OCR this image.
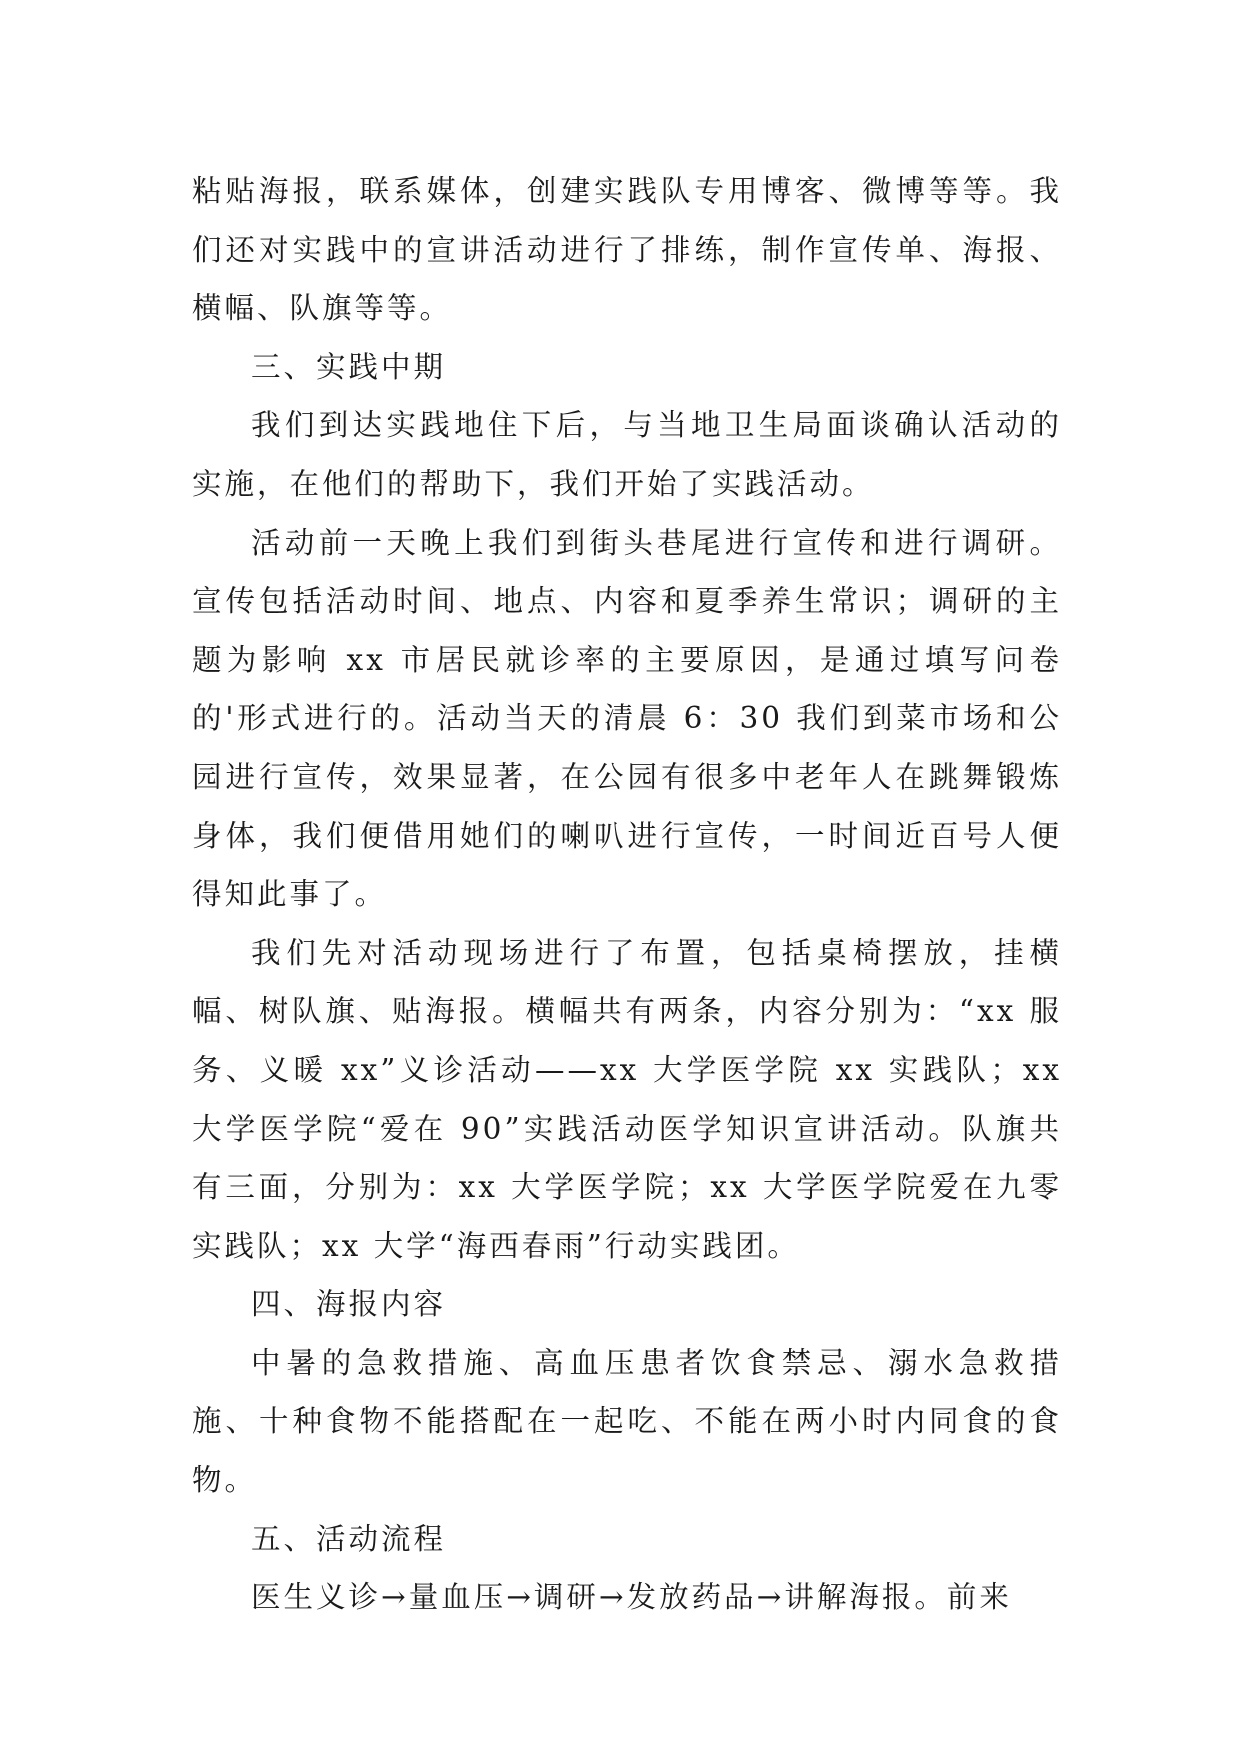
粘贴海报，联系媒体，创建实践队专用博客、微博等等。我们还对实践中的宣讲活动进行了排练，制作宣传单、海报、横幅、队旗等等。

三、实践中期

我们到达实践地住下后，与当地卫生局面谈确认活动的实施，在他们的帮助下，我们开始了实践活动。

活动前一天晚上我们到街头巷尾进行宣传和进行调研。宣传包括活动时间、地点、内容和夏季养生常识；调研的主题为影响 xx 市居民就诊率的主要原因，是通过填写问卷的'形式进行的。活动当天的清晨 6：30 我们到菜市场和公园进行宣传，效果显著，在公园有很多中老年人在跳舞锻炼身体，我们便借用她们的喇叭进行宣传，一时间近百号人便得知此事了。

我们先对活动现场进行了布置，包括桌椅摆放，挂横幅、树队旗、贴海报。横幅共有两条，内容分别为：“xx 服务、义暖 xx”义诊活动——xx 大学医学院 xx 实践队；xx 大学医学院“爱在 90”实践活动医学知识宣讲活动。队旗共有三面，分别为：xx 大学医学院；xx 大学医学院爱在九零实践队；xx 大学“海西春雨”行动实践团。

四、海报内容

中暑的急救措施、高血压患者饮食禁忌、溺水急救措施、十种食物不能搭配在一起吃、不能在两小时内同食的食物。

五、活动流程

医生义诊→量血压→调研→发放药品→讲解海报。前来
